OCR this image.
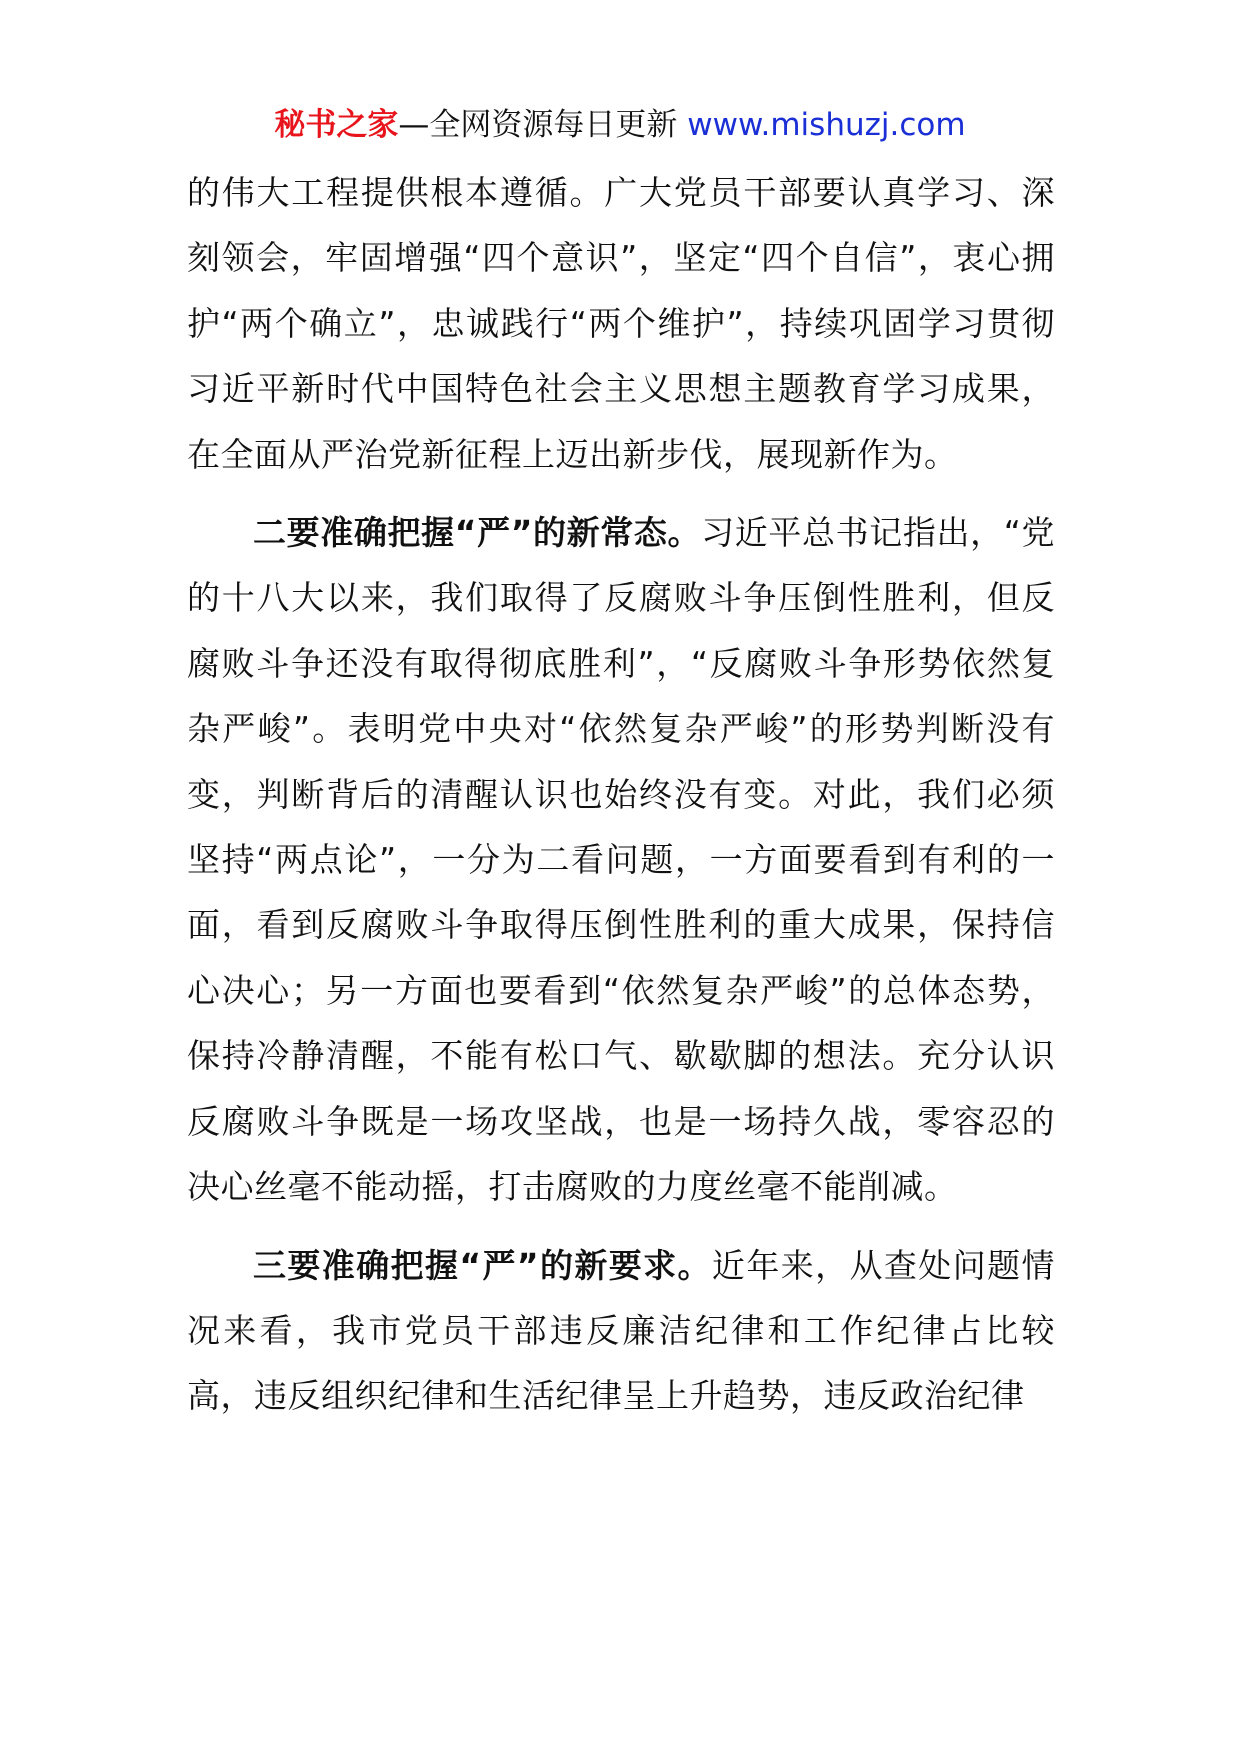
秘书之家—全网资源每日更新 www.mishuzj.com

的伟大工程提供根本遵循。广大党员干部要认真学习、深刻领会，牢固增强“四个意识”，坚定“四个自信”，衷心拥护“两个确立”，忠诚践行“两个维护”，持续巩固学习贯彻习近平新时代中国特色社会主义思想主题教育学习成果，在全面从严治党新征程上迈出新步伐，展现新作为。

二要准确把握“严”的新常态。习近平总书记指出，“党的十八大以来，我们取得了反腐败斗争压倒性胜利，但反腐败斗争还没有取得彻底胜利”，“反腐败斗争形势依然复杂严峻”。表明党中央对“依然复杂严峻”的形势判断没有变，判断背后的清醒认识也始终没有变。对此，我们必须坚持“两点论”，一分为二看问题，一方面要看到有利的一面，看到反腐败斗争取得压倒性胜利的重大成果，保持信心决心；另一方面也要看到“依然复杂严峻”的总体态势，保持冷静清醒，不能有松口气、歇歇脚的想法。充分认识反腐败斗争既是一场攻坚战，也是一场持久战，零容忍的决心丝毫不能动摇，打击腐败的力度丝毫不能削减。

三要准确把握“严”的新要求。近年来，从查处问题情况来看，我市党员干部违反廉洁纪律和工作纪律占比较高，违反组织纪律和生活纪律呈上升趋势，违反政治纪律
